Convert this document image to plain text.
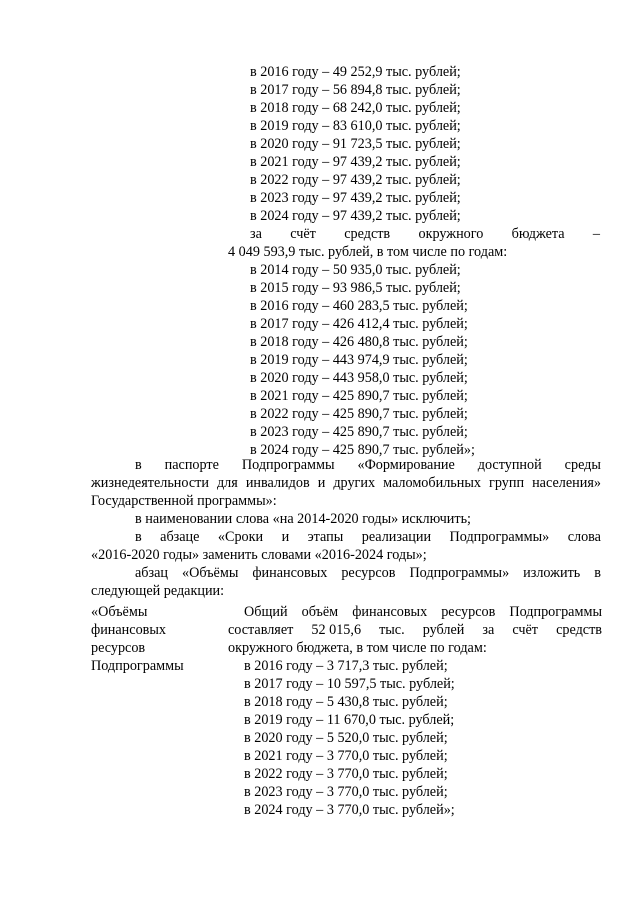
в 2016 году – 49 252,9 тыс. рублей;
в 2017 году – 56 894,8 тыс. рублей;
в 2018 году – 68 242,0 тыс. рублей;
в 2019 году – 83 610,0 тыс. рублей;
в 2020 году – 91 723,5 тыс. рублей;
в 2021 году – 97 439,2 тыс. рублей;
в 2022 году – 97 439,2 тыс. рублей;
в 2023 году – 97 439,2 тыс. рублей;
в 2024 году – 97 439,2 тыс. рублей;
за счёт средств окружного бюджета –
4 049 593,9 тыс. рублей, в том числе по годам:
в 2014 году – 50 935,0 тыс. рублей;
в 2015 году – 93 986,5 тыс. рублей;
в 2016 году – 460 283,5 тыс. рублей;
в 2017 году – 426 412,4 тыс. рублей;
в 2018 году – 426 480,8 тыс. рублей;
в 2019 году – 443 974,9 тыс. рублей;
в 2020 году – 443 958,0 тыс. рублей;
в 2021 году – 425 890,7 тыс. рублей;
в 2022 году – 425 890,7 тыс. рублей;
в 2023 году – 425 890,7 тыс. рублей;
в 2024 году – 425 890,7 тыс. рублей»;
в паспорте Подпрограммы «Формирование доступной среды
жизнедеятельности для инвалидов и других маломобильных групп населения»
Государственной программы»:
в наименовании слова «на 2014-2020 годы» исключить;
в абзаце «Сроки и этапы реализации Подпрограммы» слова
«2016-2020 годы» заменить словами «2016-2024 годы»;
абзац «Объёмы финансовых ресурсов Подпрограммы» изложить в
следующей редакции:
«Объёмы
финансовых
ресурсов
Подпрограммы
Общий объём финансовых ресурсов Подпрограммы
составляет 52 015,6 тыс. рублей за счёт средств
окружного бюджета, в том числе по годам:
в 2016 году – 3 717,3 тыс. рублей;
в 2017 году – 10 597,5 тыс. рублей;
в 2018 году – 5 430,8 тыс. рублей;
в 2019 году – 11 670,0 тыс. рублей;
в 2020 году – 5 520,0 тыс. рублей;
в 2021 году – 3 770,0 тыс. рублей;
в 2022 году – 3 770,0 тыс. рублей;
в 2023 году – 3 770,0 тыс. рублей;
в 2024 году – 3 770,0 тыс. рублей»;
